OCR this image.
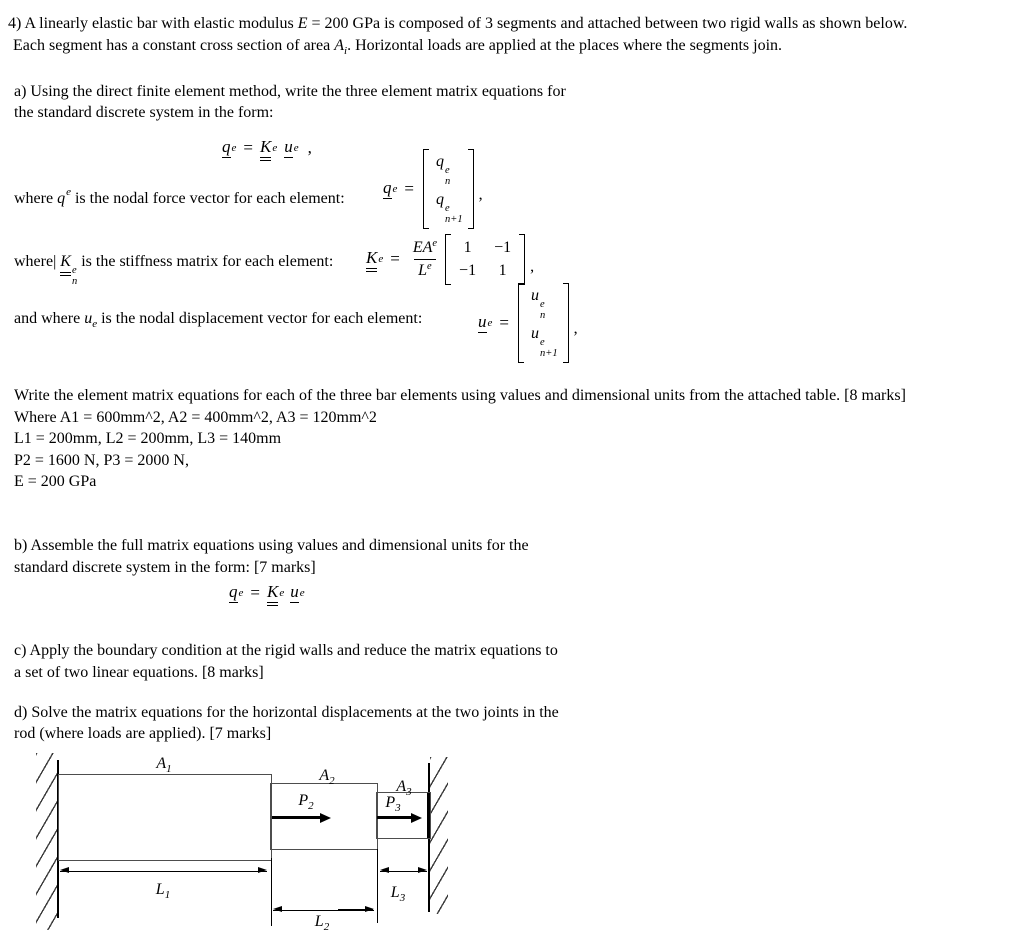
4) A linearly elastic bar with elastic modulus E = 200 GPa is composed of 3 segments and attached between two rigid walls as shown below.
Each segment has a constant cross section of area $A_i$. Horizontal loads are applied at the places where the segments join.
a) Using the direct finite element method, write the three element matrix equations for
the standard discrete system in the form:
q e = K e u e ,
where $q^e$ is the nodal force vector for each element:
q e =
q
e
n
q
e
n+1
,
where| K
e
n
is the stiffness matrix for each element: K $e = \frac{EA^e}{L^e} 1 -1$
−1 1 ,
and where $u_e$ is the nodal displacement vector for each element:	u e =
u
e
n
u
e
n+1
,
Write the element matrix equations for each of the three bar elements using values and dimensional units from the attached table. [8 marks]
Where A1 = 600mm^2, A2 = 400mm^2, A3 = 120mm^2
L1 = 200mm, L2 = 200mm, L3 = 140mm
P2 = 1600 N, P3 = 2000 N,
E = 200 GPa
b) Assemble the full matrix equations using values and dimensional units for the
standard discrete system in the form: [7 marks]
q e = K e u e
c) Apply the boundary condition at the rigid walls and reduce the matrix equations to
a set of two linear equations. [8 marks]
d) Solve the matrix equations for the horizontal displacements at the two joints in the
rod (where loads are applied). [7 marks]
$A_1$	$A_2$	$A_3$
$P_2$	$P_3$
$L_1$
$L_2$
$L_3$
